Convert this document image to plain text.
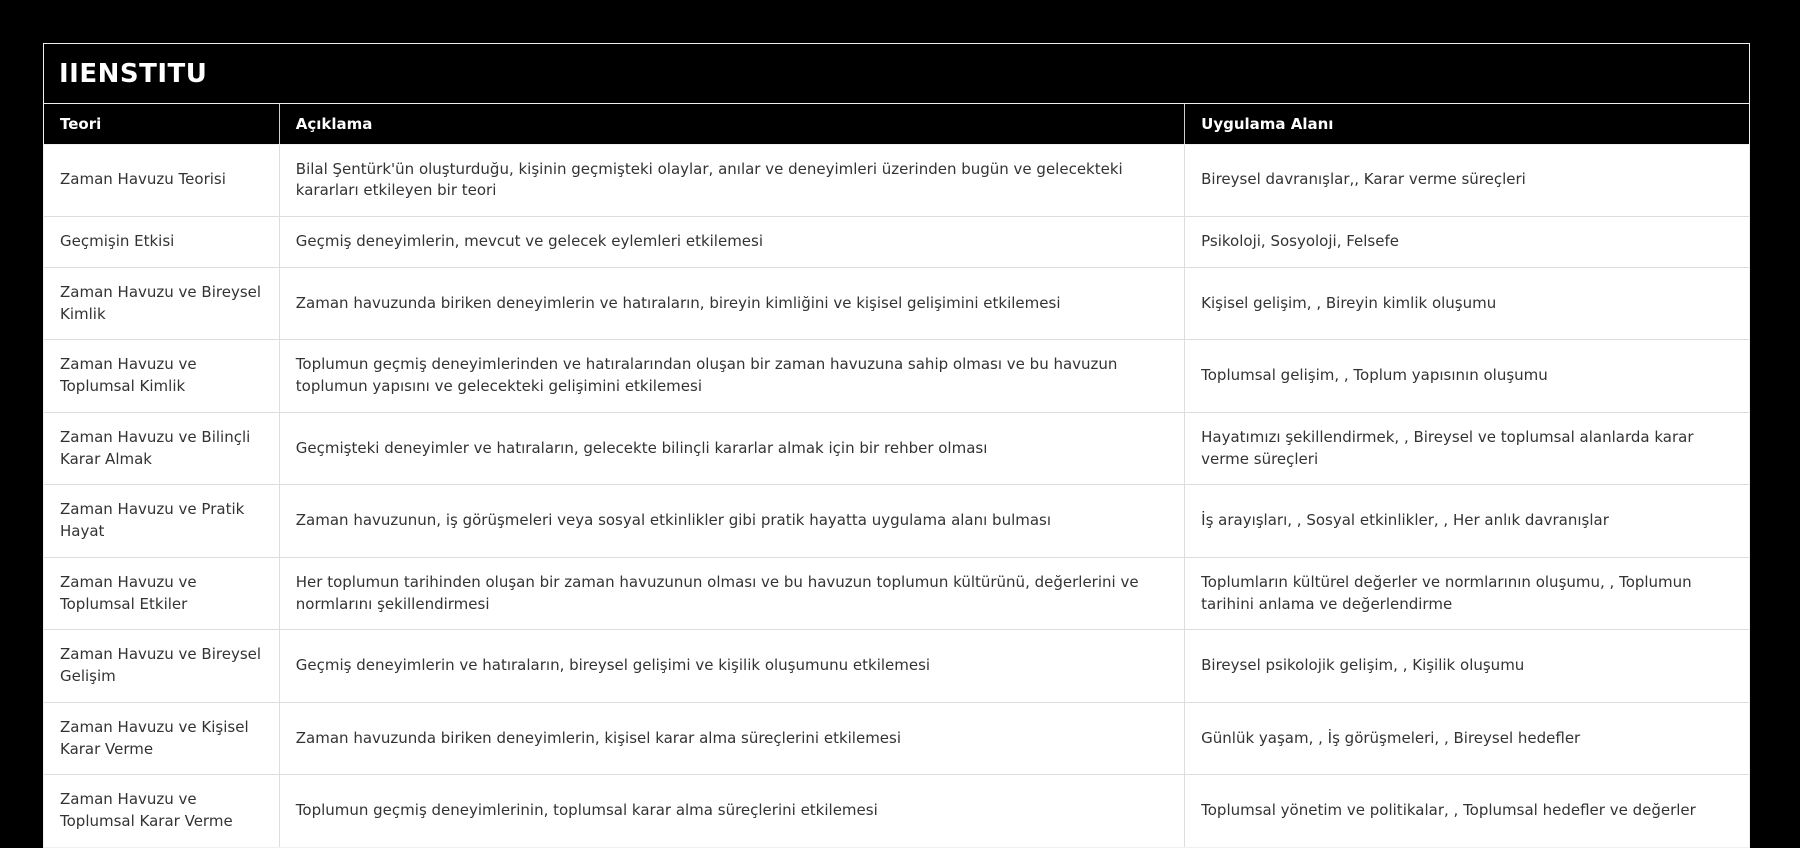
IIENSTITU
Teori	Açıklama	Uygulama Alanı
Zaman Havuzu Teorisi	Bilal Şentürk'ün oluşturduğu, kişinin geçmişteki olaylar, anılar ve deneyimleri üzerinden bugün ve gelecekteki kararları etkileyen bir teori	Bireysel davranışlar,, Karar verme süreçleri
Geçmişin Etkisi	Geçmiş deneyimlerin, mevcut ve gelecek eylemleri etkilemesi	Psikoloji, Sosyoloji, Felsefe
Zaman Havuzu ve Bireysel Kimlik	Zaman havuzunda biriken deneyimlerin ve hatıraların, bireyin kimliğini ve kişisel gelişimini etkilemesi	Kişisel gelişim, , Bireyin kimlik oluşumu
Zaman Havuzu ve Toplumsal Kimlik	Toplumun geçmiş deneyimlerinden ve hatıralarından oluşan bir zaman havuzuna sahip olması ve bu havuzun toplumun yapısını ve gelecekteki gelişimini etkilemesi	Toplumsal gelişim, , Toplum yapısının oluşumu
Zaman Havuzu ve Bilinçli Karar Almak	Geçmişteki deneyimler ve hatıraların, gelecekte bilinçli kararlar almak için bir rehber olması	Hayatımızı şekillendirmek, , Bireysel ve toplumsal alanlarda karar verme süreçleri
Zaman Havuzu ve Pratik Hayat	Zaman havuzunun, iş görüşmeleri veya sosyal etkinlikler gibi pratik hayatta uygulama alanı bulması	İş arayışları, , Sosyal etkinlikler, , Her anlık davranışlar
Zaman Havuzu ve Toplumsal Etkiler	Her toplumun tarihinden oluşan bir zaman havuzunun olması ve bu havuzun toplumun kültürünü, değerlerini ve normlarını şekillendirmesi	Toplumların kültürel değerler ve normlarının oluşumu, , Toplumun tarihini anlama ve değerlendirme
Zaman Havuzu ve Bireysel Gelişim	Geçmiş deneyimlerin ve hatıraların, bireysel gelişimi ve kişilik oluşumunu etkilemesi	Bireysel psikolojik gelişim, , Kişilik oluşumu
Zaman Havuzu ve Kişisel Karar Verme	Zaman havuzunda biriken deneyimlerin, kişisel karar alma süreçlerini etkilemesi	Günlük yaşam, , İş görüşmeleri, , Bireysel hedefler
Zaman Havuzu ve Toplumsal Karar Verme	Toplumun geçmiş deneyimlerinin, toplumsal karar alma süreçlerini etkilemesi	Toplumsal yönetim ve politikalar, , Toplumsal hedefler ve değerler
